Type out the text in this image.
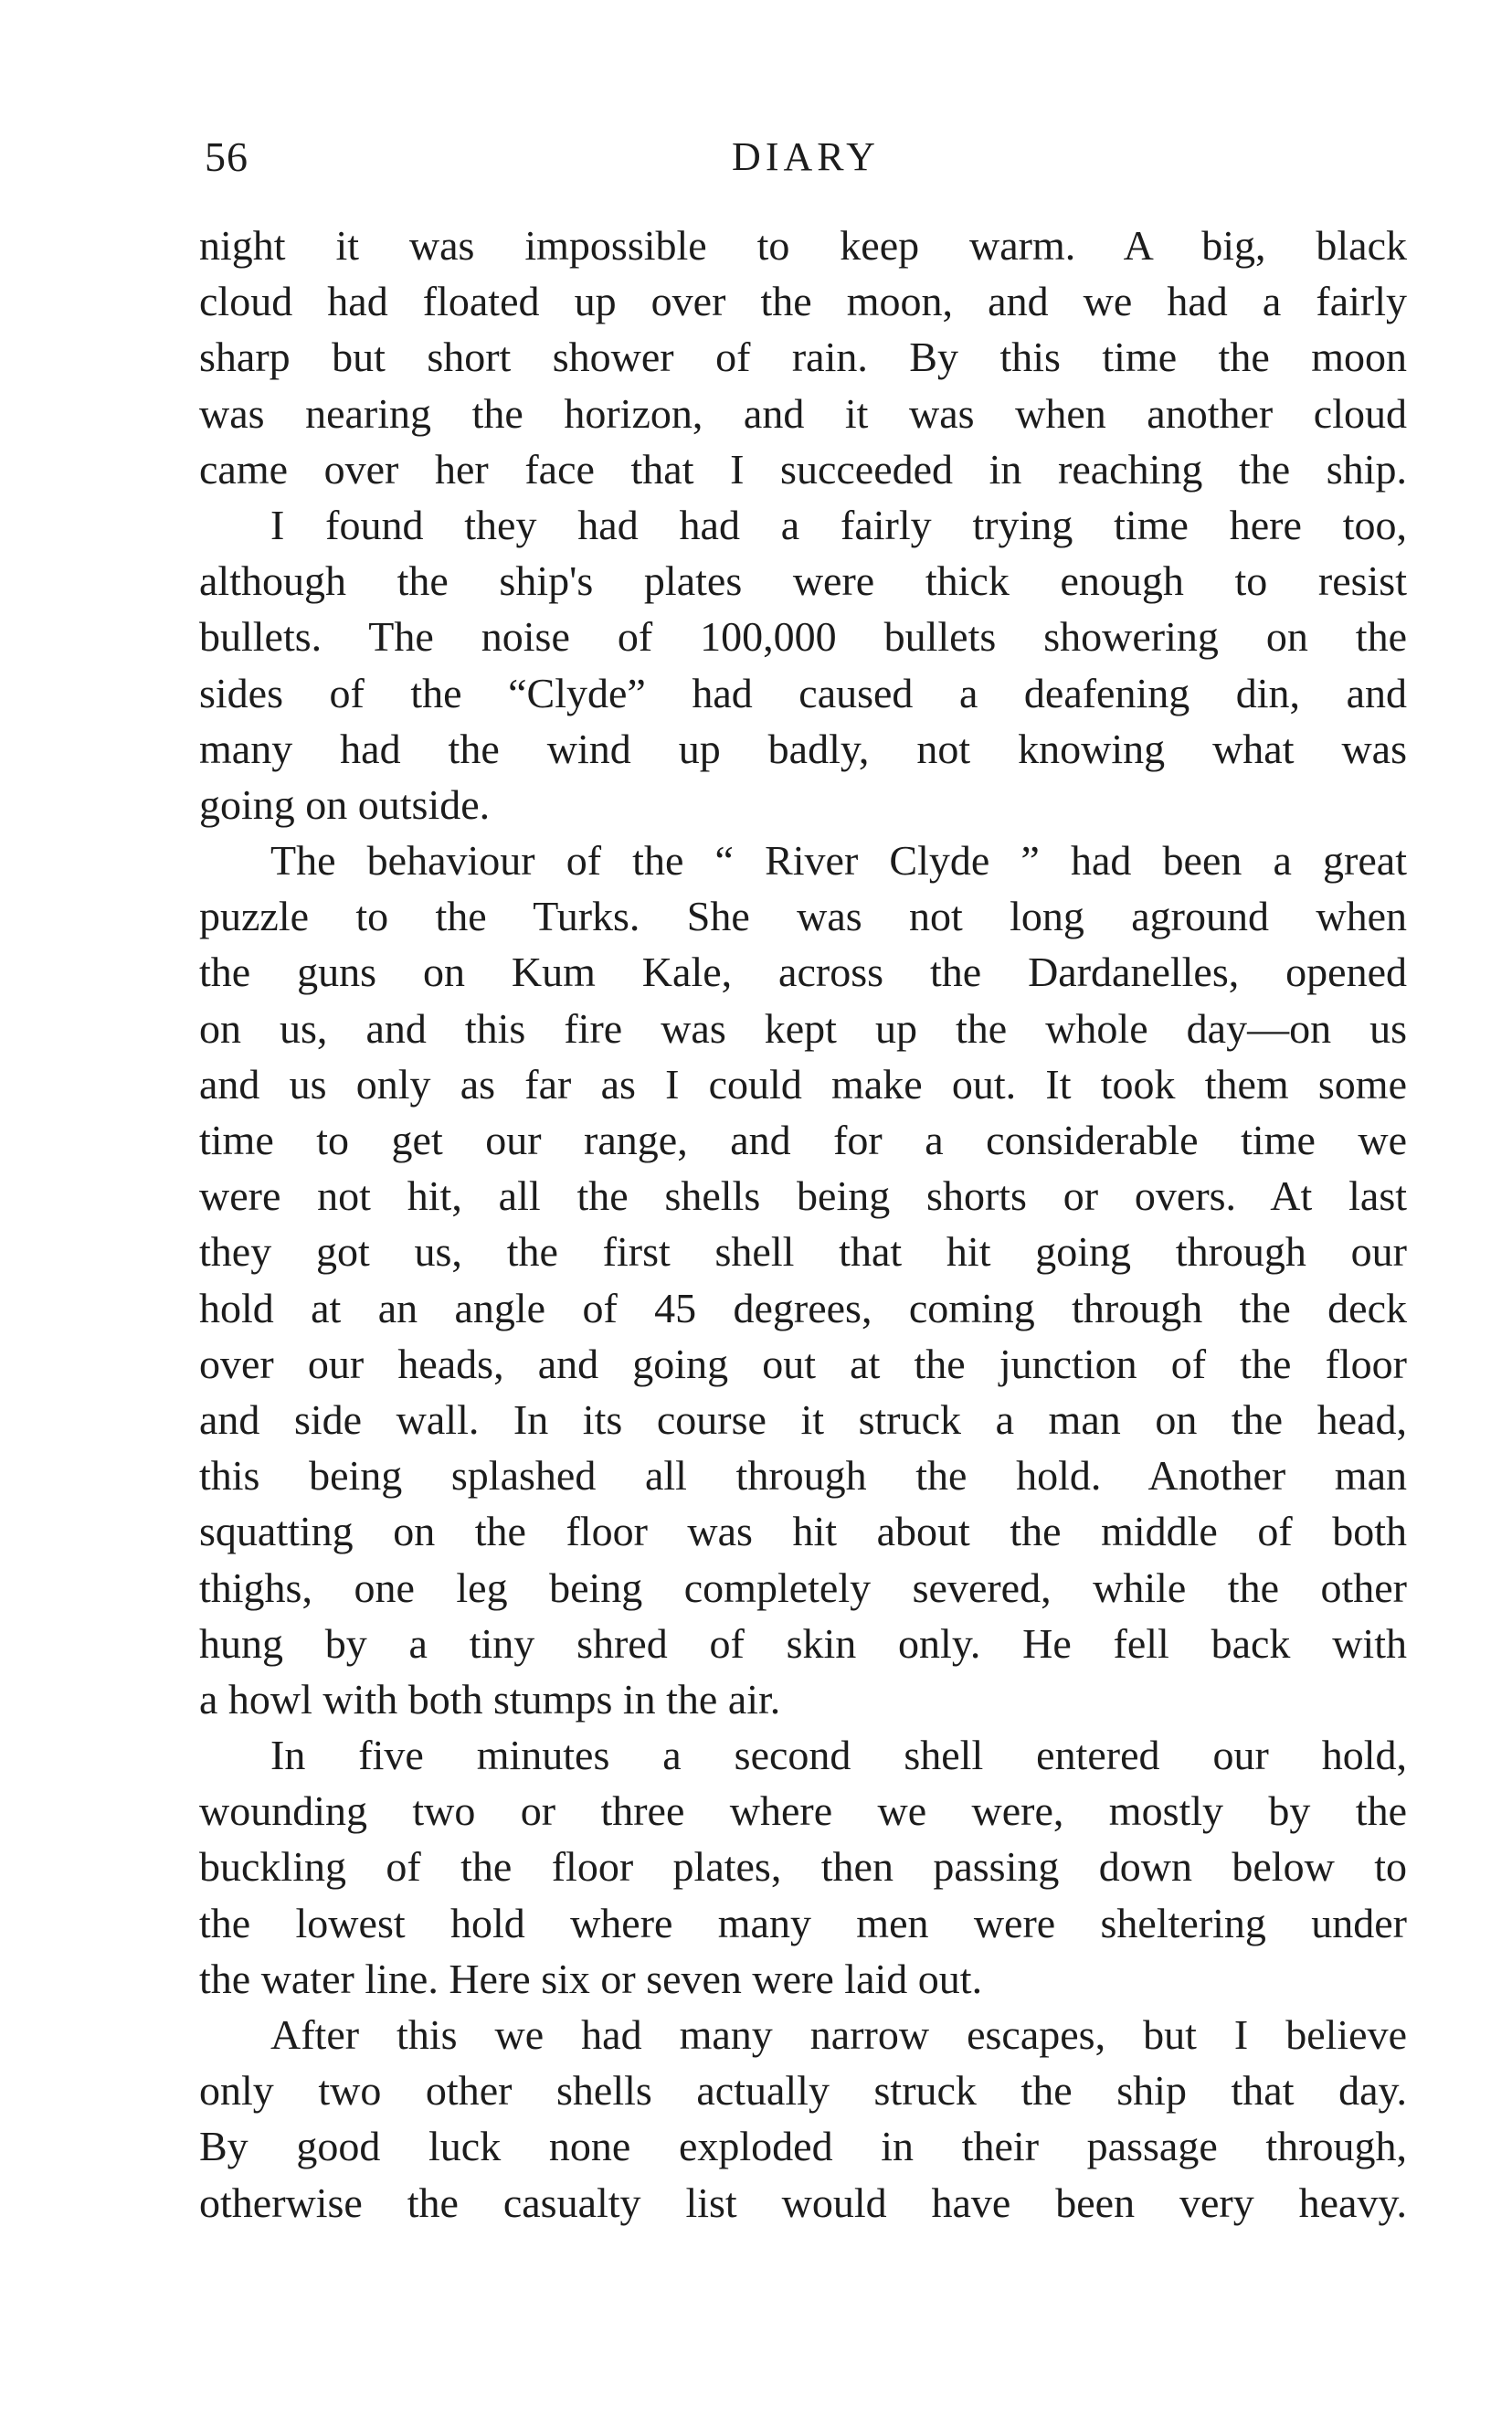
56	DIARY
night it was impossible to keep warm. A big, black
cloud had floated up over the moon, and we had a fairly
sharp but short shower of rain. By this time the moon
was nearing the horizon, and it was when another cloud
came over her face that I succeeded in reaching the ship.
I found they had had a fairly trying time here too,
although the ship's plates were thick enough to resist
bullets. The noise of 100,000 bullets showering on the
sides of the “Clyde” had caused a deafening din, and
many had the wind up badly, not knowing what was
going on outside.
The behaviour of the “ River Clyde ” had been a great
puzzle to the Turks. She was not long aground when
the guns on Kum Kale, across the Dardanelles, opened
on us, and this fire was kept up the whole day—on us
and us only as far as I could make out. It took them some
time to get our range, and for a considerable time we
were not hit, all the shells being shorts or overs. At last
they got us, the first shell that hit going through our
hold at an angle of 45 degrees, coming through the deck
over our heads, and going out at the junction of the floor
and side wall. In its course it struck a man on the head,
this being splashed all through the hold. Another man
squatting on the floor was hit about the middle of both
thighs, one leg being completely severed, while the other
hung by a tiny shred of skin only. He fell back with
a howl with both stumps in the air.
In five minutes a second shell entered our hold,
wounding two or three where we were, mostly by the
buckling of the floor plates, then passing down below to
the lowest hold where many men were sheltering under
the water line. Here six or seven were laid out.
After this we had many narrow escapes, but I believe
only two other shells actually struck the ship that day.
By good luck none exploded in their passage through,
otherwise the casualty list would have been very heavy.
